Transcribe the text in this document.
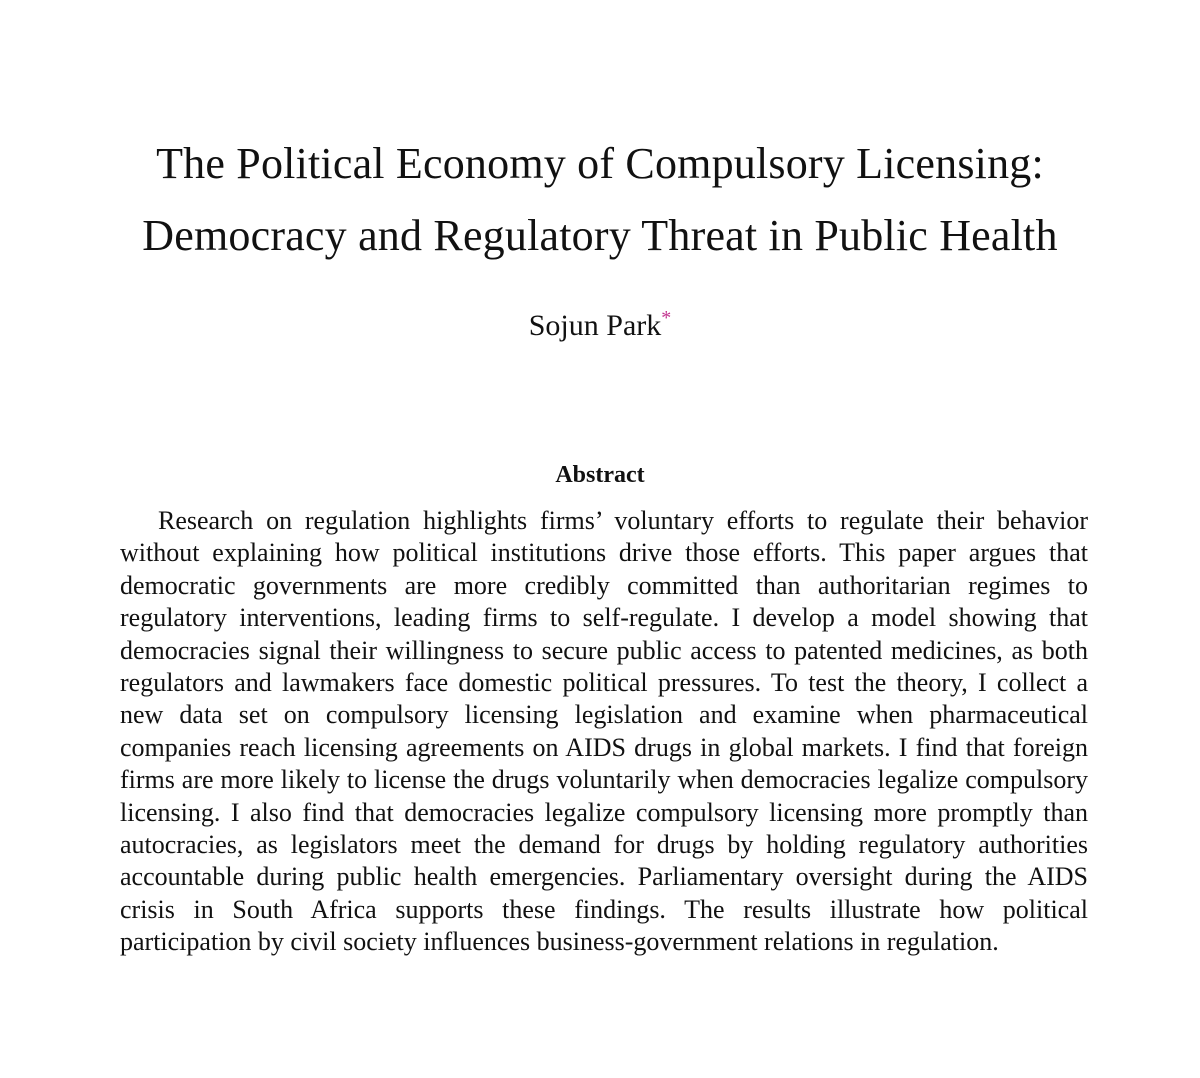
The Political Economy of Compulsory Licensing:
Democracy and Regulatory Threat in Public Health
Sojun Park*
Abstract

Research on regulation highlights firms’ voluntary efforts to regulate their behavior without explaining how political institutions drive those efforts. This paper argues that democratic governments are more credibly committed than authoritarian regimes to regulatory interventions, leading firms to self-regulate. I develop a model showing that democracies signal their willingness to secure public access to patented medicines, as both regulators and lawmakers face domestic political pressures. To test the theory, I collect a new data set on compulsory licensing legislation and examine when pharmaceutical companies reach licensing agreements on AIDS drugs in global markets. I find that foreign firms are more likely to license the drugs voluntarily when democracies legalize compulsory licensing. I also find that democracies legalize compulsory licensing more promptly than autocracies, as legislators meet the demand for drugs by holding regulatory authorities accountable during public health emergencies. Parliamentary oversight during the AIDS crisis in South Africa supports these findings. The results illustrate how political participation by civil society influences business-government relations in regulation.
